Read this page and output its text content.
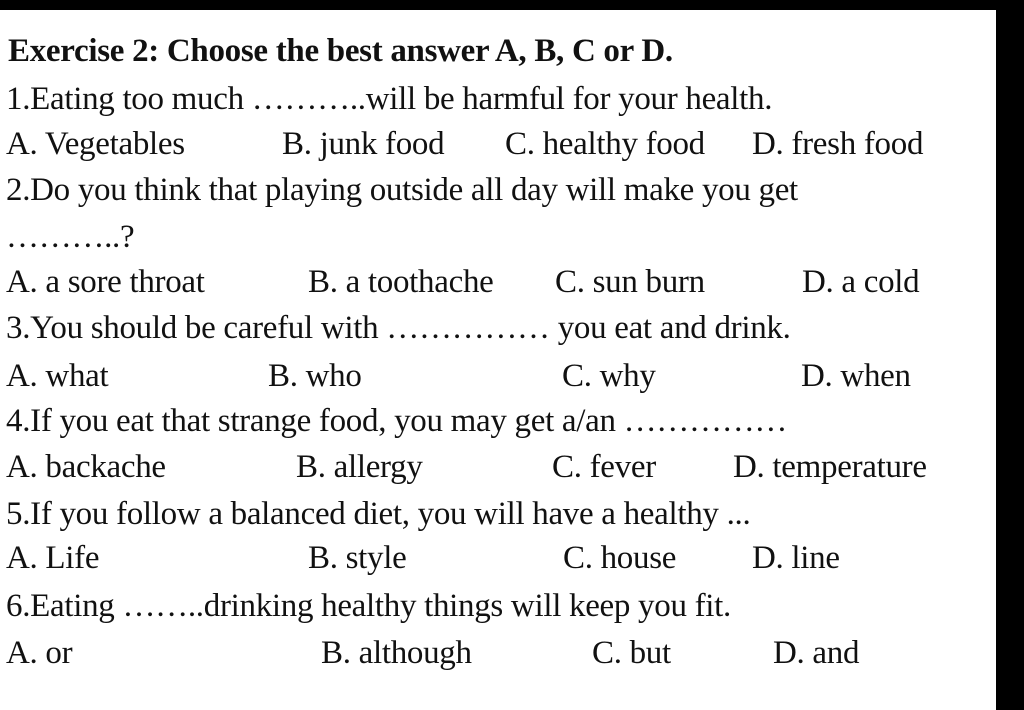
Exercise 2: Choose the best answer A, B, C or D.
1.Eating too much ………..will be harmful for your health.
A. Vegetables	B. junk food C. healthy food D. fresh food
2.Do you think that playing outside all day will make you get
………..?
A. a sore throat	B. a toothache C. sun burn	D. a cold
3.You should be careful with …………… you eat and drink.
A. what	B. who	C. why	D. when
4.If you eat that strange food, you may get a/an ……………
A. backache	B. allergy	C. fever D. temperature
5.If you follow a balanced diet, you will have a healthy ...
A. Life	B. style	C. house D. line
6.Eating ……..drinking healthy things will keep you fit.
A. or	B. although	C. but	D. and
